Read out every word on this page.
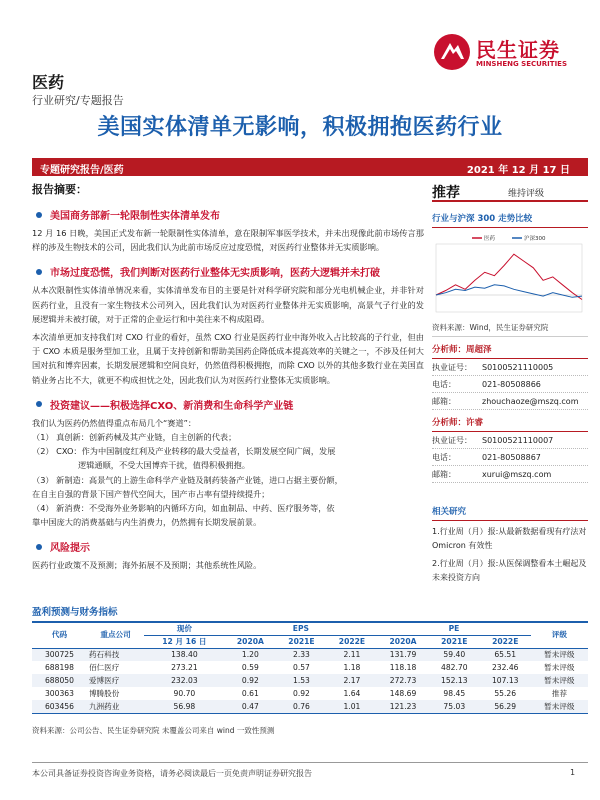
民生证券
MINSHENG SECURITIES
医药
行业研究/专题报告
美国实体清单无影响，积极拥抱医药行业
专题研究报告/医药	2021 年 12 月 17 日
报告摘要：
美国商务部新一轮限制性实体清单发布
12 月 16 日晚，美国正式发布新一轮限制性实体清单，意在限制军事医学技术，并未出现像此前市场传言那样的涉及生物技术的公司，因此我们认为此前市场反应过度恐慌，对医药行业整体并无实质影响。
市场过度恐慌，我们判断对医药行业整体无实质影响，医药大逻辑并未打破
从本次限制性实体清单情况来看，实体清单发布目的主要是针对科学研究院和部分光电机械企业，并非针对医药行业，且没有一家生物技术公司列入，因此我们认为对医药行业整体并无实质影响，高景气子行业的发展逻辑并未被打破，对于正常的企业运行和中美往来不构成阻碍。
本次清单更加支持我们对 CXO 行业的看好，虽然 CXO 行业是医药行业中海外收入占比较高的子行业，但由于 CXO 本质是服务型加工业，且属于支持创新和帮助美国药企降低成本提高效率的关键之一，不涉及任何大国对抗和博弈因素，长期发展逻辑和空间良好，仍然值得积极拥抱，而除 CXO 以外的其他多数行业在美国直销业务占比不大，就更不构成担忧之处，因此我们认为对医药行业整体无实质影响。
投资建议——积极选择CXO、新消费和生命科学产业链
我们认为医药仍然值得重点布局几个“赛道”：
（1） 真创新：创新药械及其产业链，自主创新的代表；
（2） CXO：作为中国制度红利及产业转移的最大受益者，长期发展空间广阔，发展
逻辑通顺，不受大国博弈干扰，值得积极拥抱。
（3） 新制造：高景气的上游生命科学产业链及制药装备产业链，进口占据主要份额，
在自主自强的背景下国产替代空间大，国产市占率有望持续提升；
（4） 新消费：不受海外业务影响的内循环方向，如血制品、中药、医疗服务等，依
靠中国庞大的消费基础与内生消费力，仍然拥有长期发展前景。
风险提示
医药行业政策不及预测；海外拓展不及预期；其他系统性风险。
推荐	维持评级
行业与沪深 300 走势比较
医药	沪深300
资料来源：Wind，民生证券研究院
分析师：周超泽
执业证号：	S0100521110005
电话：	021-80508866
邮箱：	zhouchaoze@mszq.com
分析师：许睿
执业证号：	S0100521110007
电话：	021-80508867
邮箱：	xurui@mszq.com
相关研究
1.行业周（月）报:从最新数据看现有疗法对 Omicron 有效性
2.行业周（月）报:从医保调整看本土崛起及未来投资方向
盈利预测与财务指标
代码	重点公司	现价	EPS			PE			评级
		12 月 16 日	2020A	2021E	2022E	2020A	2021E	2022E	
300725	药石科技	138.40	1.20	2.33	2.11	131.79	59.40	65.51	暂未评级
688198	佰仁医疗	273.21	0.59	0.57	1.18	118.18	482.70	232.46	暂未评级
688050	爱博医疗	232.03	0.92	1.53	2.17	272.73	152.13	107.13	暂未评级
300363	博腾股份	90.70	0.61	0.92	1.64	148.69	98.45	55.26	推荐
603456	九洲药业	56.98	0.47	0.76	1.01	121.23	75.03	56.29	暂未评级
资料来源：公司公告、民生证券研究院 未覆盖公司来自 wind 一致性预测
本公司具备证券投资咨询业务资格，请务必阅读最后一页免责声明证券研究报告	1
